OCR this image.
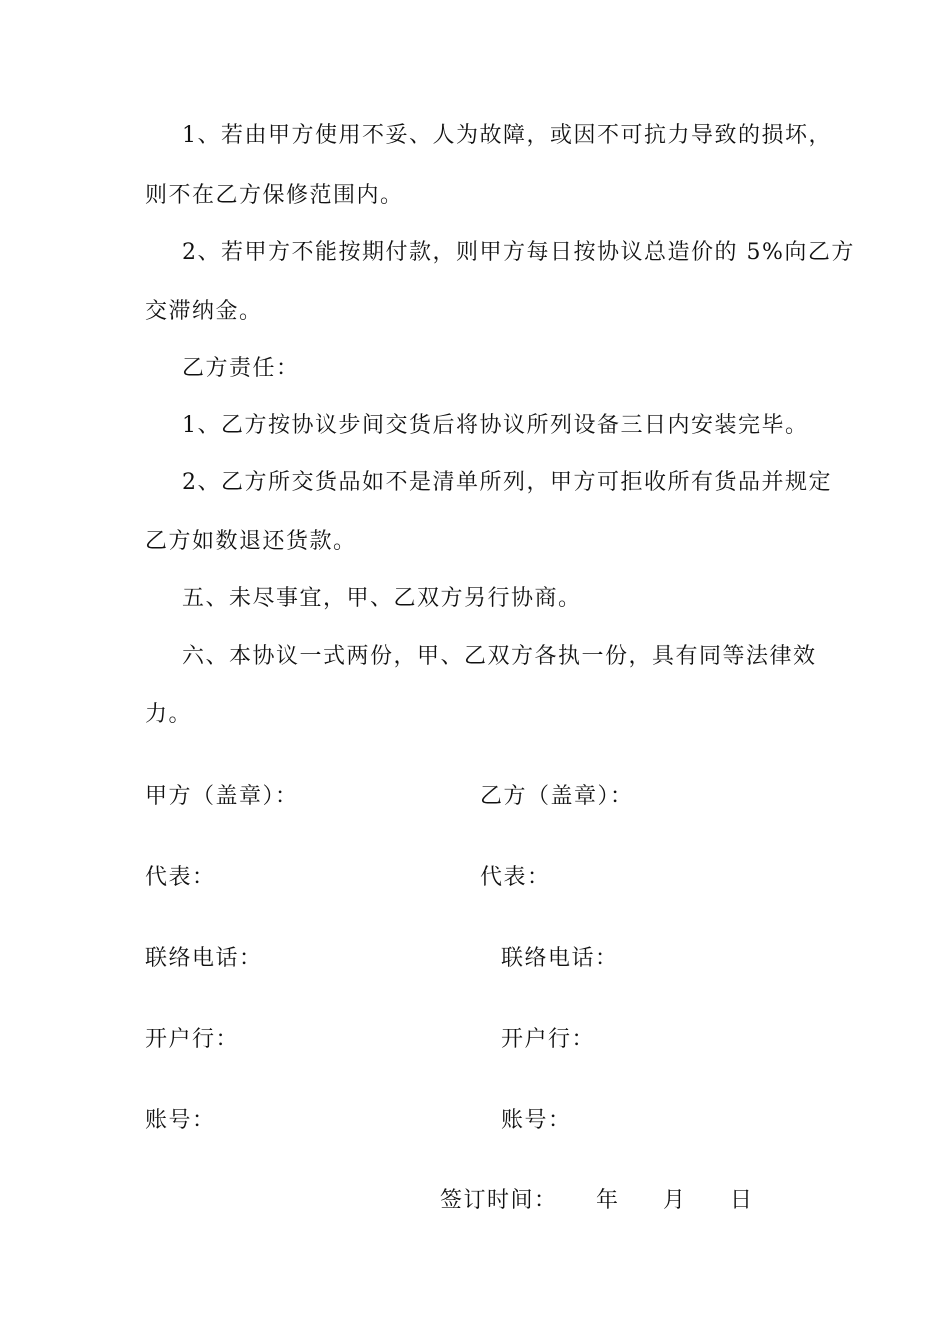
1、若由甲方使用不妥、人为故障，或因不可抗力导致的损坏，
则不在乙方保修范围内。
2、若甲方不能按期付款，则甲方每日按协议总造价的 5%向乙方
交滞纳金。
乙方责任：
1、乙方按协议步间交货后将协议所列设备三日内安装完毕。
2、乙方所交货品如不是清单所列，甲方可拒收所有货品并规定
乙方如数退还货款。
五、未尽事宜，甲、乙双方另行协商。
六、本协议一式两份，甲、乙双方各执一份，具有同等法律效
力。
甲方（盖章）：	乙方（盖章）：
代表：	代表：
联络电话：	联络电话：
开户行：	开户行：
账号：	账号：
签订时间： 年 月 日
